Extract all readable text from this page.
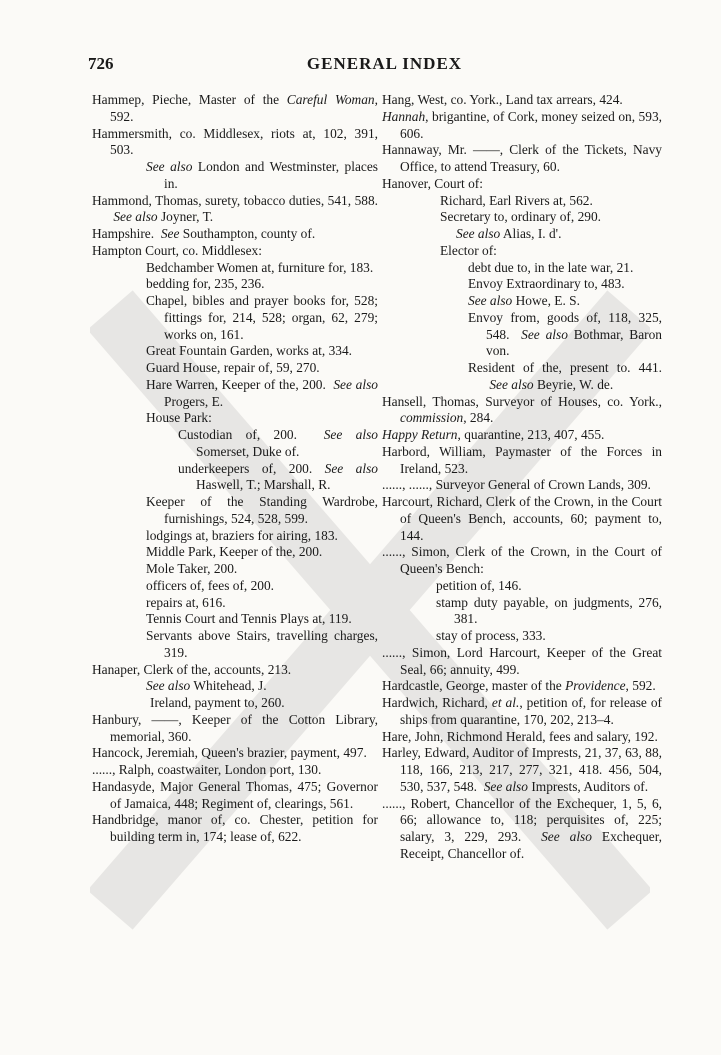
726	GENERAL INDEX
Hammep, Pieche, Master of the Careful Woman, 592.
Hammersmith, co. Middlesex, riots at, 102, 391, 503.
See also London and Westminster, places in.
Hammond, Thomas, surety, tobacco duties, 541, 588.  See also Joyner, T.
Hampshire.  See Southampton, county of.
Hampton Court, co. Middlesex:
Bedchamber Women at, furniture for, 183.
bedding for, 235, 236.
Chapel, bibles and prayer books for, 528; fittings for, 214, 528; organ, 62, 279; works on, 161.
Great Fountain Garden, works at, 334.
Guard House, repair of, 59, 270.
Hare Warren, Keeper of the, 200.  See also Progers, E.
House Park:
Custodian of, 200.  See also Somerset, Duke of.
underkeepers of, 200. See also Haswell, T.; Marshall, R.
Keeper of the Standing Wardrobe, furnishings, 524, 528, 599.
lodgings at, braziers for airing, 183.
Middle Park, Keeper of the, 200.
Mole Taker, 200.
officers of, fees of, 200.
repairs at, 616.
Tennis Court and Tennis Plays at, 119.
Servants above Stairs, travelling charges, 319.
Hanaper, Clerk of the, accounts, 213.
See also Whitehead, J.
Ireland, payment to, 260.
Hanbury, ——, Keeper of the Cotton Library, memorial, 360.
Hancock, Jeremiah, Queen's brazier, payment, 497.
......, Ralph, coastwaiter, London port, 130.
Handasyde, Major General Thomas, 475; Governor of Jamaica, 448; Regiment of, clearings, 561.
Handbridge, manor of, co. Chester, petition for building term in, 174; lease of, 622.
Hang, West, co. York., Land tax arrears, 424.
Hannah, brigantine, of Cork, money seized on, 593, 606.
Hannaway, Mr. ——, Clerk of the Tickets, Navy Office, to attend Treasury, 60.
Hanover, Court of:
Richard, Earl Rivers at, 562.
Secretary to, ordinary of, 290.
See also Alias, I. d'.
Elector of:
debt due to, in the late war, 21.
Envoy Extraordinary to, 483.
See also Howe, E. S.
Envoy from, goods of, 118, 325, 548.  See also Bothmar, Baron von.
Resident of the, present to. 441.  See also Beyrie, W. de.
Hansell, Thomas, Surveyor of Houses, co. York., commission, 284.
Happy Return, quarantine, 213, 407, 455.
Harbord, William, Paymaster of the Forces in Ireland, 523.
......, ......, Surveyor General of Crown Lands, 309.
Harcourt, Richard, Clerk of the Crown, in the Court of Queen's Bench, accounts, 60; payment to, 144.
......, Simon, Clerk of the Crown, in the Court of Queen's Bench:
petition of, 146.
stamp duty payable, on judgments, 276, 381.
stay of process, 333.
......, Simon, Lord Harcourt, Keeper of the Great Seal, 66; annuity, 499.
Hardcastle, George, master of the Providence, 592.
Hardwich, Richard, et al., petition of, for release of ships from quarantine, 170, 202, 213–4.
Hare, John, Richmond Herald, fees and salary, 192.
Harley, Edward, Auditor of Imprests, 21, 37, 63, 88, 118, 166, 213, 217, 277, 321, 418. 456, 504, 530, 537, 548.  See also Imprests, Auditors of.
......, Robert, Chancellor of the Exchequer, 1, 5, 6, 66; allowance to, 118; perquisites of, 225; salary, 3, 229, 293.  See also Exchequer, Receipt, Chancellor of.
